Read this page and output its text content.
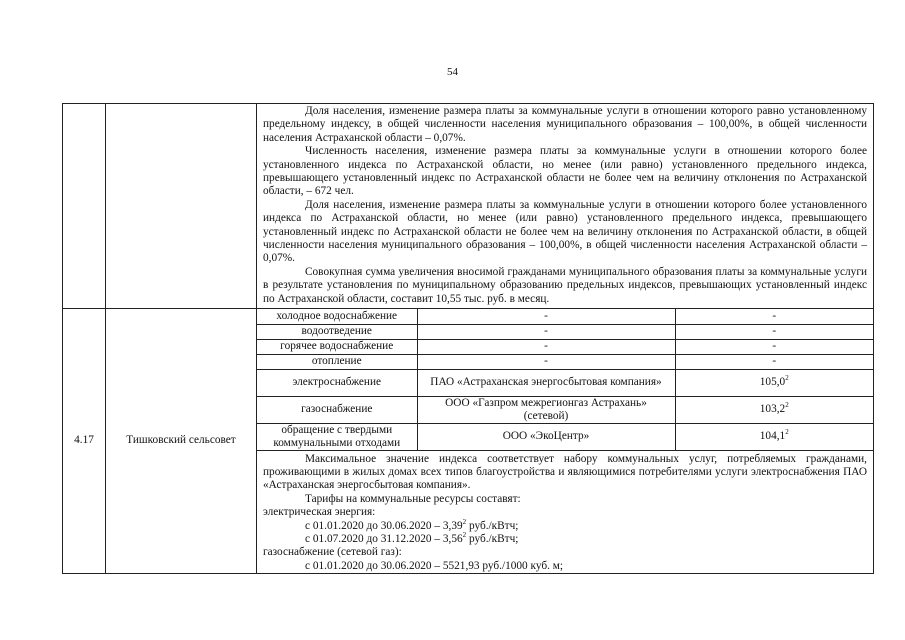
54

Доля населения, изменение размера платы за коммунальные услуги в отношении которого равно установленному предельному индексу, в общей численности населения муниципального образования – 100,00%, в общей численности населения Астраханской области – 0,07%.

Численность населения, изменение размера платы за коммунальные услуги в отношении которого более установленного индекса по Астраханской области, но менее (или равно) установленного предельного индекса, превышающего установленный индекс по Астраханской области не более чем на величину отклонения по Астраханской области, – 672 чел.

Доля населения, изменение размера платы за коммунальные услуги в отношении которого более установленного индекса по Астраханской области, но менее (или равно) установленного предельного индекса, превышающего установленный индекс по Астраханской области не более чем на величину отклонения по Астраханской области, в общей численности населения муниципального образования – 100,00%, в общей численности населения Астраханской области – 0,07%.

Совокупная сумма увеличения вносимой гражданами муниципального образования платы за коммунальные услуги в результате установления по муниципальному образованию предельных индексов, превышающих установленный индекс по Астраханской области, составит 10,55 тыс. руб. в месяц.

4.17	Тишковский сельсовет	
холодное водоснабжение	-	-
водоотведение	-	-
горячее водоснабжение	-	-
отопление	-	-
электроснабжение	ПАО «Астраханская энергосбытовая компания»	105,0$^2$
газоснабжение	ООО «Газпром межрегионгаз Астрахань» (сетевой)	103,2$^2$
обращение с твердыми коммунальными отходами	ООО «ЭкоЦентр»	104,1$^2$

Максимальное значение индекса соответствует набору коммунальных услуг, потребляемых гражданами, проживающими в жилых домах всех типов благоустройства и являющимися потребителями услуги электроснабжения ПАО «Астраханская энергосбытовая компания».

Тарифы на коммунальные ресурсы составят:

электрическая энергия:

с 01.01.2020 до 30.06.2020 – 3,39$^2$ руб./кВтч;

с 01.07.2020 до 31.12.2020 – 3,56$^2$ руб./кВтч;

газоснабжение (сетевой газ):

с 01.01.2020 до 30.06.2020 – 5521,93 руб./1000 куб. м;
